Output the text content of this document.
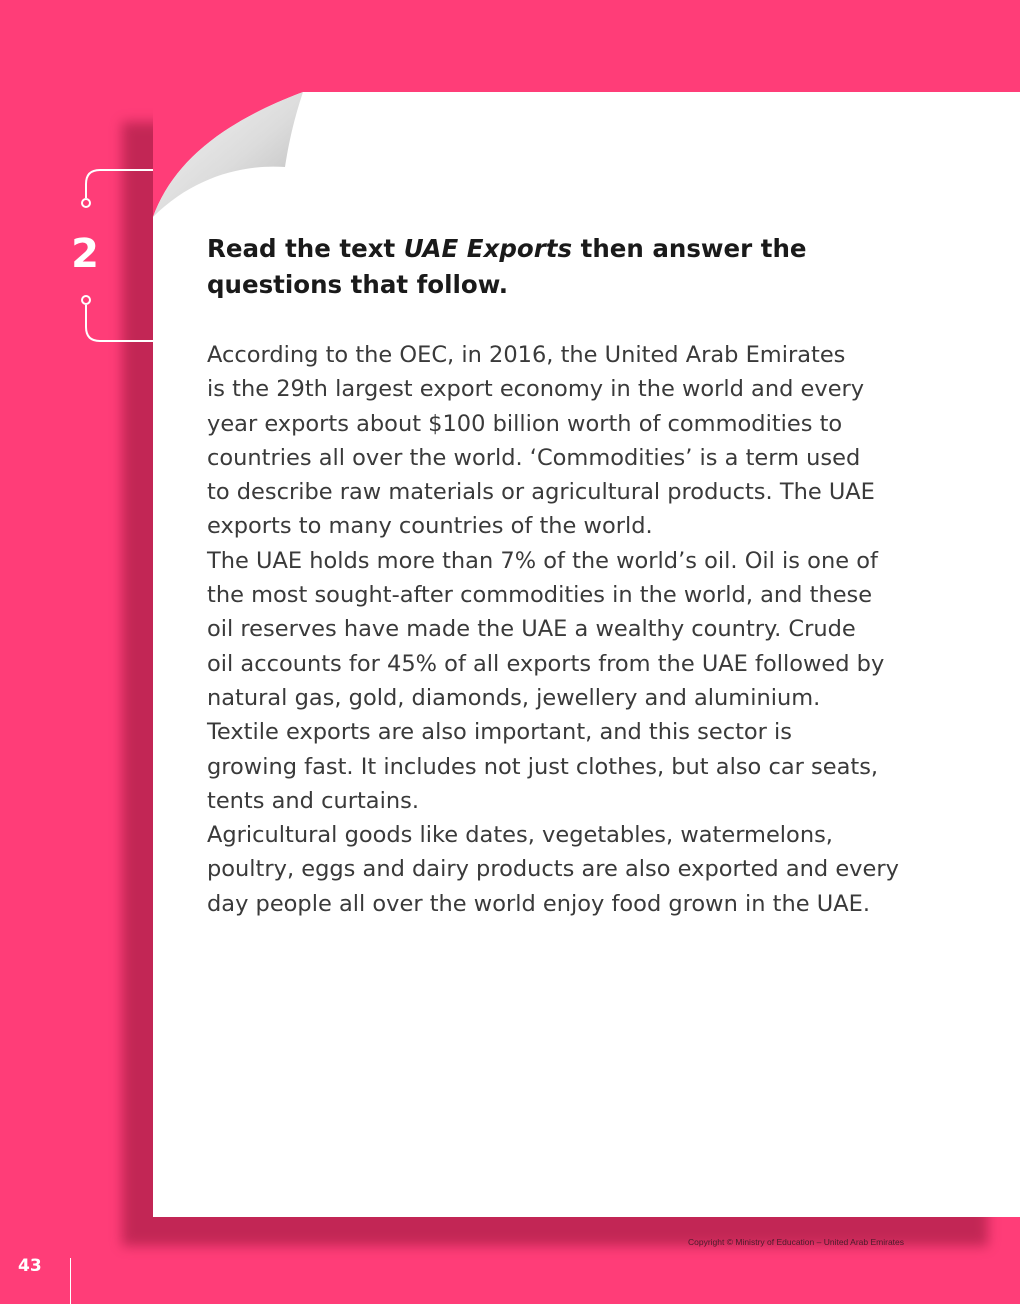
2	Read the text UAE Exports then answer the questions that follow.

According to the OEC, in 2016, the United Arab Emirates
is the 29th largest export economy in the world and every
year exports about $100 billion worth of commodities to
countries all over the world. ‘Commodities’ is a term used
to describe raw materials or agricultural products. The UAE
exports to many countries of the world.
The UAE holds more than 7% of the world’s oil. Oil is one of
the most sought-after commodities in the world, and these
oil reserves have made the UAE a wealthy country. Crude
oil accounts for 45% of all exports from the UAE followed by
natural gas, gold, diamonds, jewellery and aluminium.
Textile exports are also important, and this sector is
growing fast. It includes not just clothes, but also car seats,
tents and curtains.
Agricultural goods like dates, vegetables, watermelons,
poultry, eggs and dairy products are also exported and every
day people all over the world enjoy food grown in the UAE.

Copyright © Ministry of Education – United Arab Emirates
43
